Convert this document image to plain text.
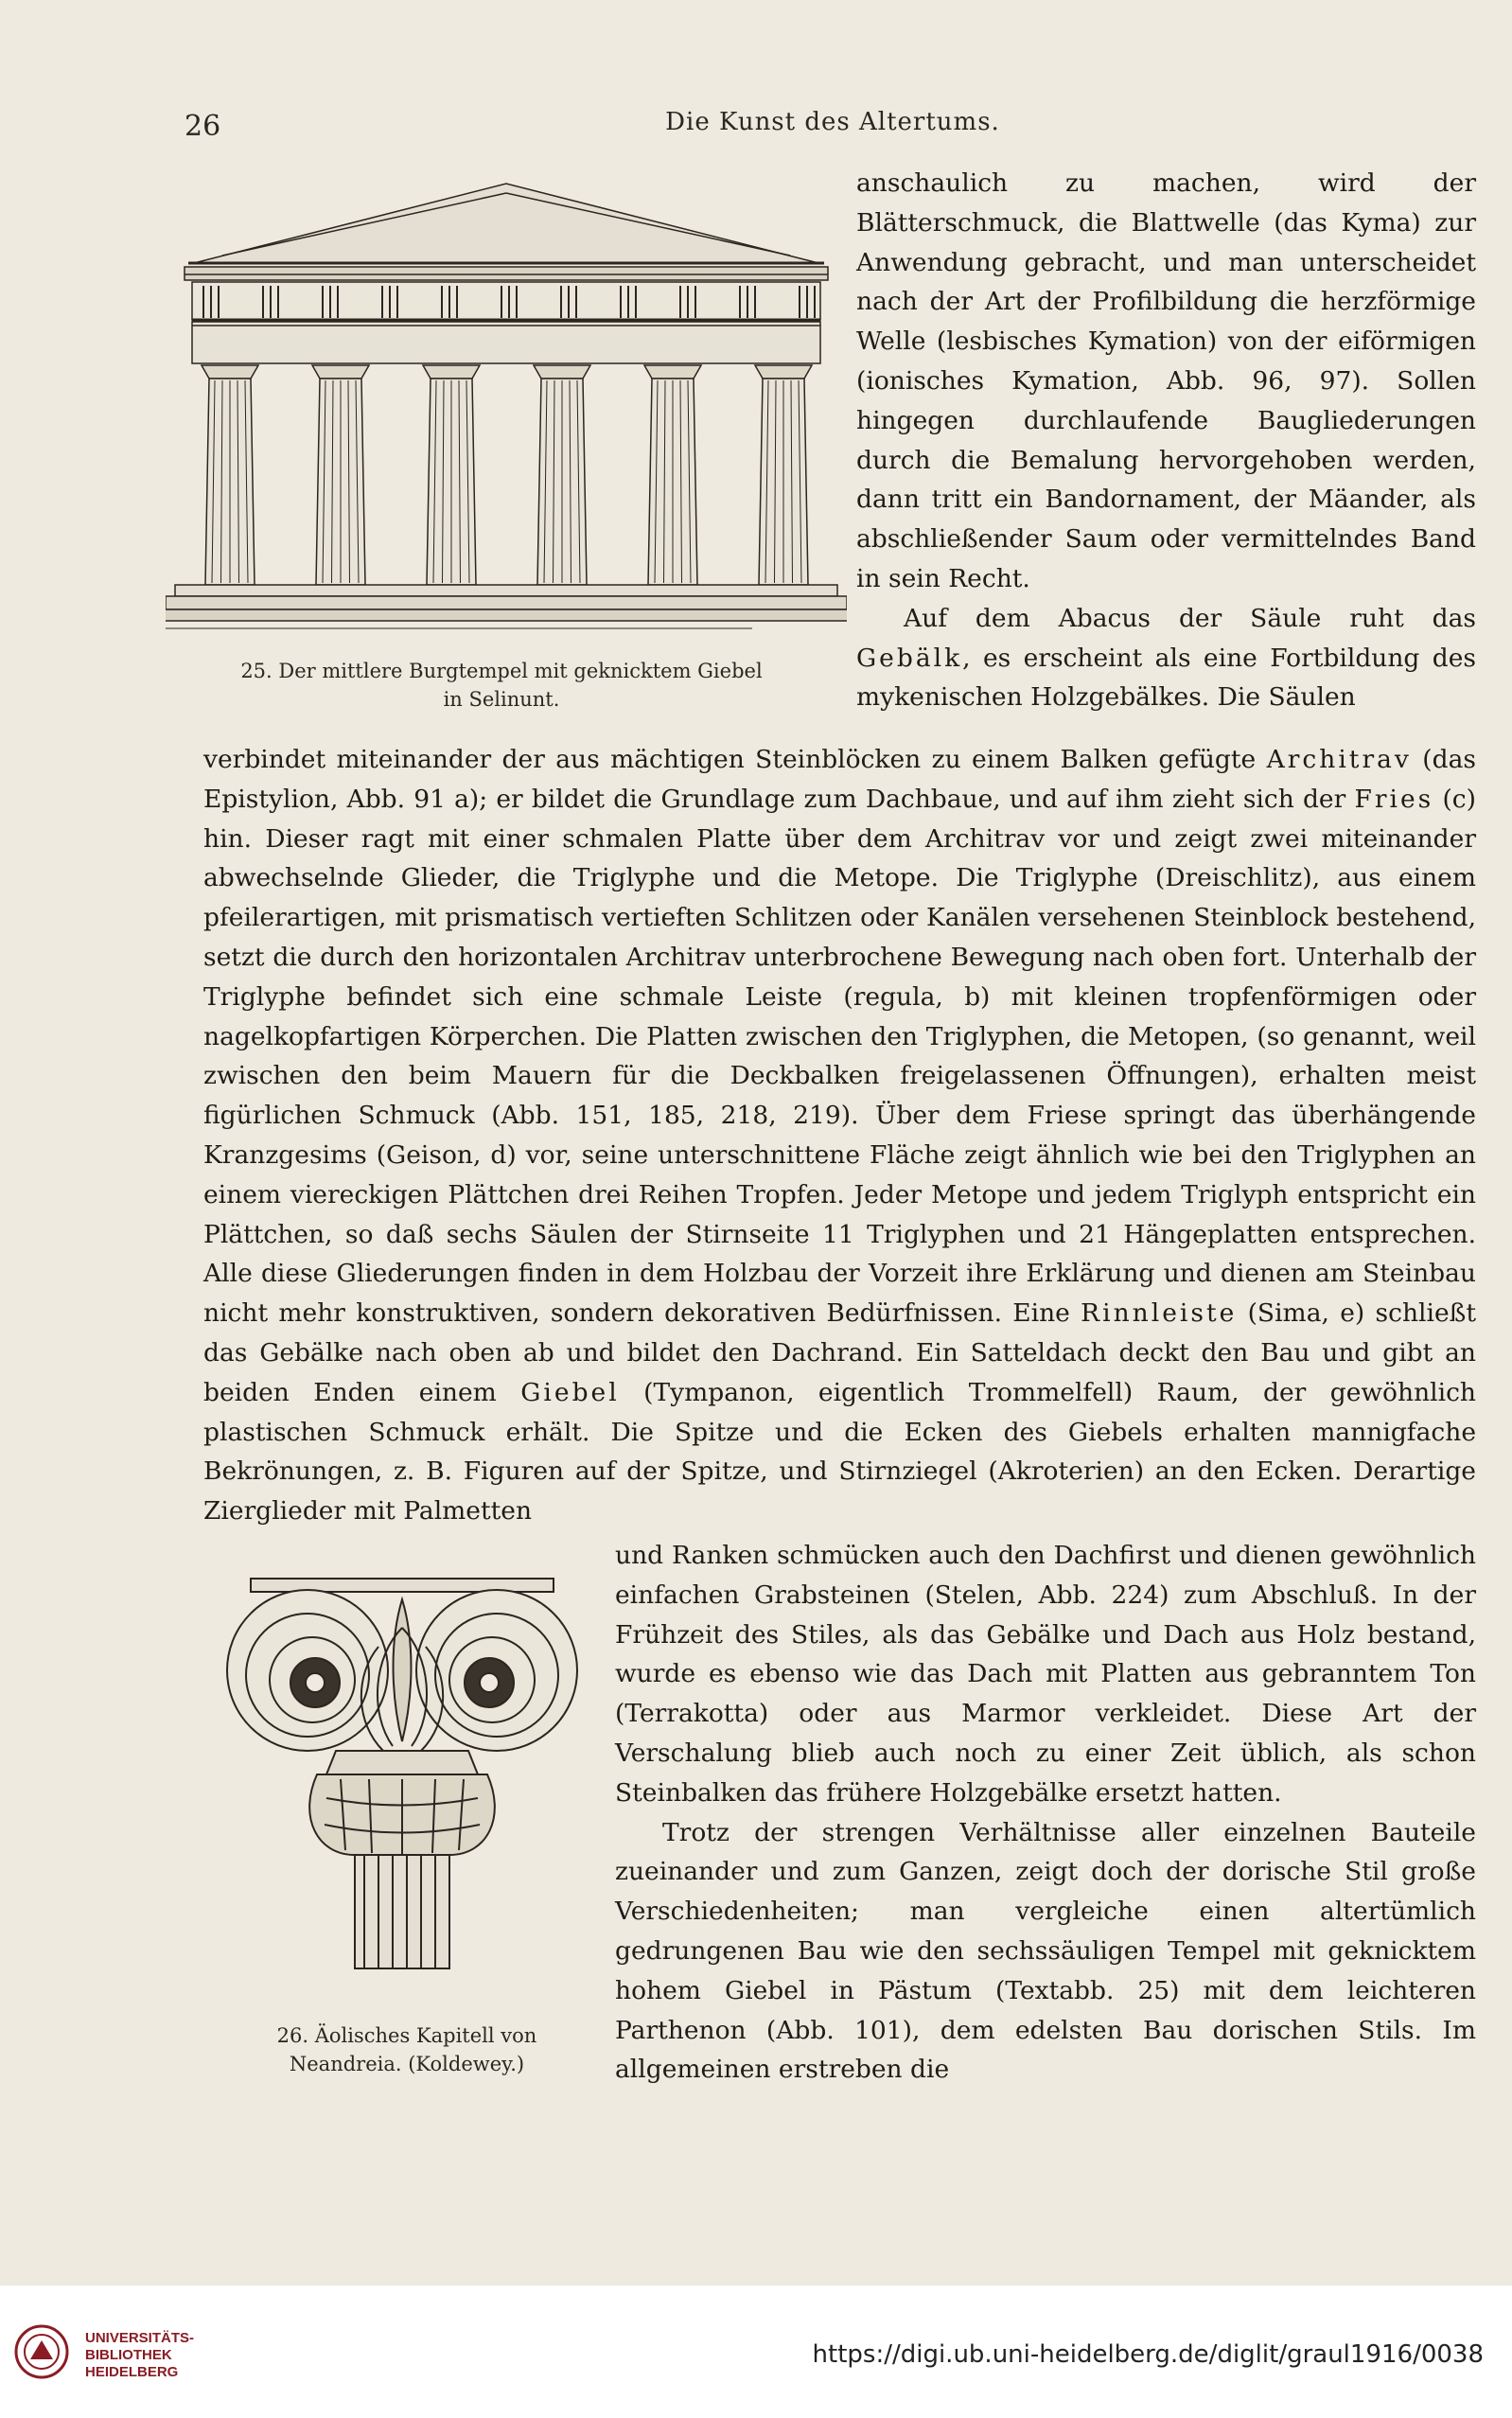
26	Die Kunst des Altertums.
25. Der mittlere Burgtempel mit geknicktem Giebel
in Selinunt.

anschaulich zu machen, wird der Blätterschmuck, die Blattwelle (das Kyma) zur Anwendung gebracht, und man unterscheidet nach der Art der Profilbildung die herzförmige Welle (lesbisches Kymation) von der eiförmigen (ionisches Kymation, Abb. 96, 97). Sollen hingegen durchlaufende Baugliederungen durch die Bemalung hervorgehoben werden, dann tritt ein Bandornament, der Mäander, als abschließender Saum oder vermittelndes Band in sein Recht.

Auf dem Abacus der Säule ruht das Gebälk, es erscheint als eine Fortbildung des mykenischen Holzgebälkes. Die Säulen

verbindet miteinander der aus mächtigen Steinblöcken zu einem Balken gefügte Architrav (das Epistylion, Abb. 91 a); er bildet die Grundlage zum Dachbaue, und auf ihm zieht sich der Fries (c) hin. Dieser ragt mit einer schmalen Platte über dem Architrav vor und zeigt zwei miteinander abwechselnde Glieder, die Triglyphe und die Metope. Die Triglyphe (Dreischlitz), aus einem pfeilerartigen, mit prismatisch vertieften Schlitzen oder Kanälen versehenen Steinblock bestehend, setzt die durch den horizontalen Architrav unterbrochene Bewegung nach oben fort. Unterhalb der Triglyphe befindet sich eine schmale Leiste (regula, b) mit kleinen tropfenförmigen oder nagelkopfartigen Körperchen. Die Platten zwischen den Triglyphen, die Metopen, (so genannt, weil zwischen den beim Mauern für die Deckbalken freigelassenen Öffnungen), erhalten meist figürlichen Schmuck (Abb. 151, 185, 218, 219). Über dem Friese springt das überhängende Kranzgesims (Geison, d) vor, seine unterschnittene Fläche zeigt ähnlich wie bei den Triglyphen an einem viereckigen Plättchen drei Reihen Tropfen. Jeder Metope und jedem Triglyph entspricht ein Plättchen, so daß sechs Säulen der Stirnseite 11 Triglyphen und 21 Hängeplatten entsprechen. Alle diese Gliederungen finden in dem Holzbau der Vorzeit ihre Erklärung und dienen am Steinbau nicht mehr konstruktiven, sondern dekorativen Bedürfnissen. Eine Rinnleiste (Sima, e) schließt das Gebälke nach oben ab und bildet den Dachrand. Ein Satteldach deckt den Bau und gibt an beiden Enden einem Giebel (Tympanon, eigentlich Trommelfell) Raum, der gewöhnlich plastischen Schmuck erhält. Die Spitze und die Ecken des Giebels erhalten mannigfache Bekrönungen, z. B. Figuren auf der Spitze, und Stirnziegel (Akroterien) an den Ecken. Derartige Zierglieder mit Palmetten

26. Äolisches Kapitell von
Neandreia. (Koldewey.)

und Ranken schmücken auch den Dachfirst und dienen gewöhnlich einfachen Grabsteinen (Stelen, Abb. 224) zum Abschluß. In der Frühzeit des Stiles, als das Gebälke und Dach aus Holz bestand, wurde es ebenso wie das Dach mit Platten aus gebranntem Ton (Terrakotta) oder aus Marmor verkleidet. Diese Art der Verschalung blieb auch noch zu einer Zeit üblich, als schon Steinbalken das frühere Holzgebälke ersetzt hatten.

Trotz der strengen Verhältnisse aller einzelnen Bauteile zueinander und zum Ganzen, zeigt doch der dorische Stil große Verschiedenheiten; man vergleiche einen altertümlich gedrungenen Bau wie den sechssäuligen Tempel mit geknicktem hohem Giebel in Pästum (Textabb. 25) mit dem leichteren Parthenon (Abb. 101), dem edelsten Bau dorischen Stils. Im allgemeinen erstreben die

UNIVERSITÄTS-
BIBLIOTHEK
HEIDELBERG
https://digi.ub.uni-heidelberg.de/diglit/graul1916/0038
